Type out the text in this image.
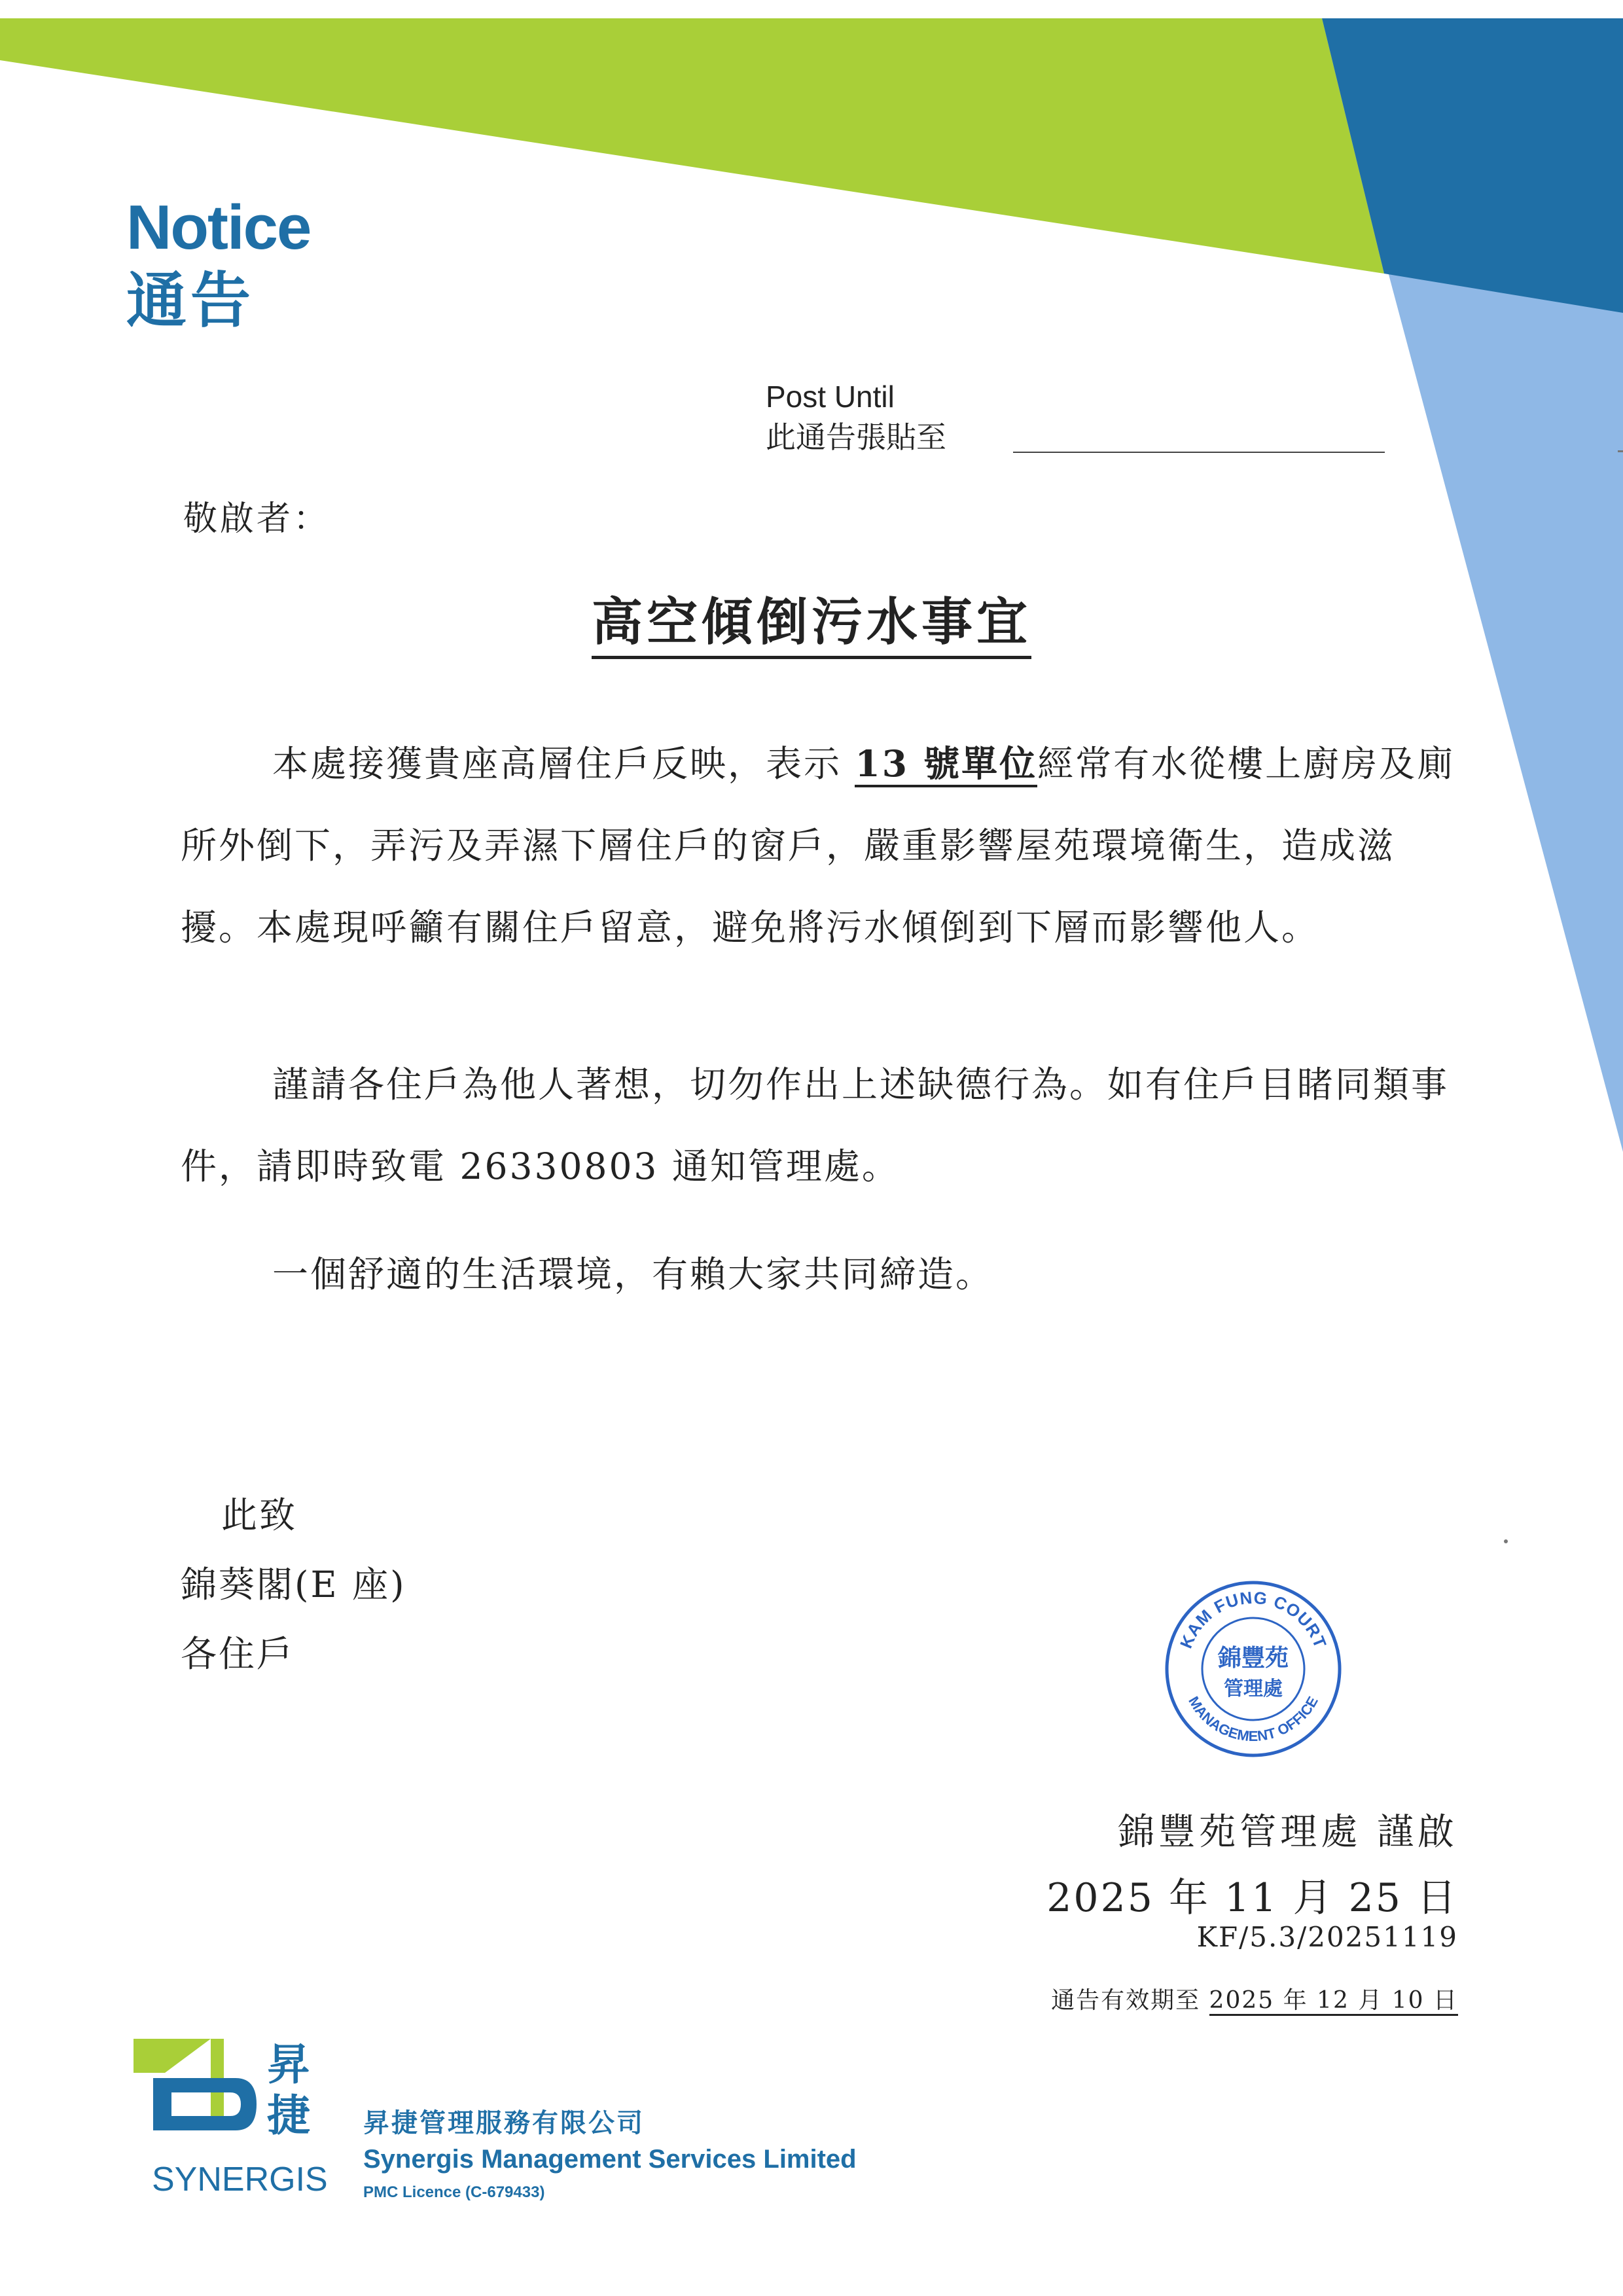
Notice
通告
Post Until
此通告張貼至
敬啟者：
高空傾倒污水事宜
本處接獲貴座高層住戶反映，表示 13 號單位經常有水從樓上廚房及廁所外倒下，弄污及弄濕下層住戶的窗戶，嚴重影響屋苑環境衛生，造成滋擾。本處現呼籲有關住戶留意，避免將污水傾倒到下層而影響他人。
謹請各住戶為他人著想，切勿作出上述缺德行為。如有住戶目睹同類事件，請即時致電 26330803 通知管理處。
一個舒適的生活環境，有賴大家共同締造。
此致
錦葵閣(E 座)
各住戶	KAM FUNG COURT
MANAGEMENT OFFICE
錦豐苑
管理處
錦豐苑管理處 謹啟
2025 年 11 月 25 日
KF/5.3/20251119
通告有效期至 2025 年 12 月 10 日
昇
捷
SYNERGIS
昇捷管理服務有限公司
Synergis Management Services Limited
PMC Licence (C-679433)
